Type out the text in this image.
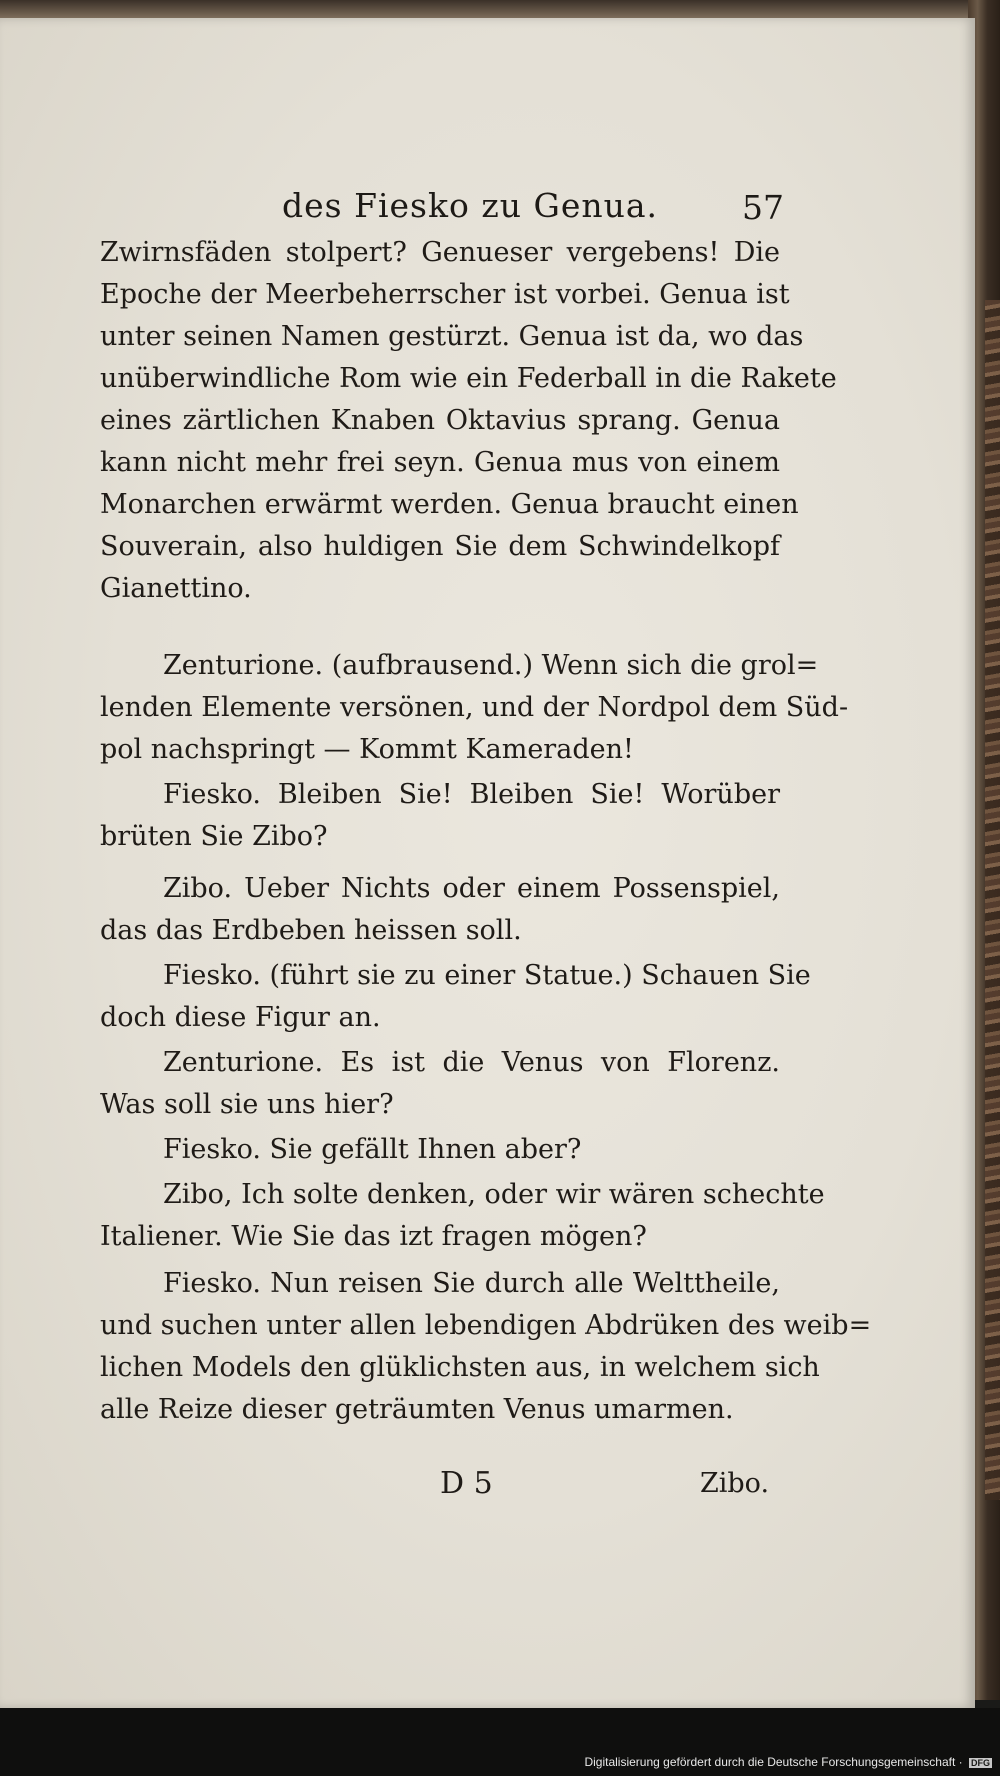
des Fiesko zu Genua.	57
Zwirnsfäden stolpert? Genueser vergebens! Die
Epoche der Meerbeherrscher ist vorbei. Genua ist
unter seinen Namen gestürzt. Genua ist da, wo das
unüberwindliche Rom wie ein Federball in die Rakete
eines zärtlichen Knaben Oktavius sprang. Genua
kann nicht mehr frei seyn. Genua mus von einem
Monarchen erwärmt werden. Genua braucht einen
Souverain, also huldigen Sie dem Schwindelkopf
Gianettino.
Zenturione. (aufbrausend.) Wenn sich die grol=
lenden Elemente versönen, und der Nordpol dem Süd-
pol nachspringt — Kommt Kameraden!
Fiesko. Bleiben Sie! Bleiben Sie! Worüber
brüten Sie Zibo?
Zibo. Ueber Nichts oder einem Possenspiel,
das das Erdbeben heissen soll.
Fiesko. (führt sie zu einer Statue.) Schauen Sie
doch diese Figur an.
Zenturione. Es ist die Venus von Florenz.
Was soll sie uns hier?
Fiesko. Sie gefällt Ihnen aber?
Zibo, Ich solte denken, oder wir wären schechte
Italiener. Wie Sie das izt fragen mögen?
Fiesko. Nun reisen Sie durch alle Welttheile,
und suchen unter allen lebendigen Abdrüken des weib=
lichen Models den glüklichsten aus, in welchem sich
alle Reize dieser geträumten Venus umarmen.
D 5	Zibo.
Digitalisierung gefördert durch die Deutsche Forschungsgemeinschaft · DFG
